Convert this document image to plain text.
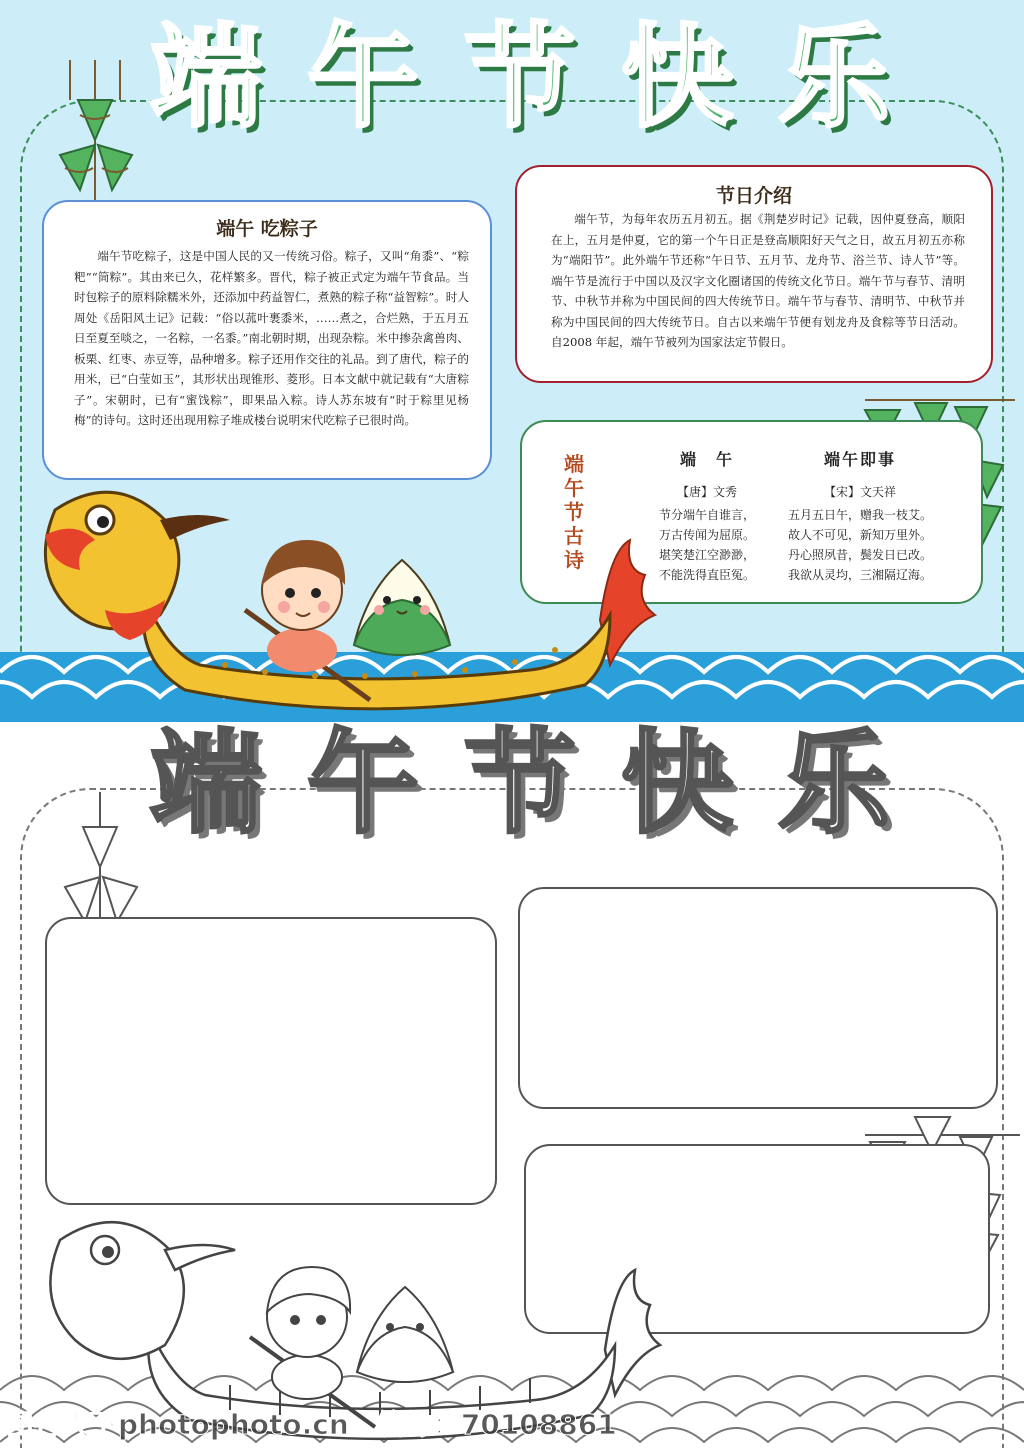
端 午 节 快 乐
端午 吃粽子
端午节吃粽子，这是中国人民的又一传统习俗。粽子，又叫“角黍”、“粽粑”“筒粽”。其由来已久，花样繁多。晋代，粽子被正式定为端午节食品。当时包粽子的原料除糯米外，还添加中药益智仁，煮熟的粽子称“益智粽”。时人周处《岳阳风土记》记载：“俗以菰叶裹黍米，……煮之，合烂熟，于五月五日至夏至啖之，一名粽，一名黍。”南北朝时期，出现杂粽。米中掺杂禽兽肉、板栗、红枣、赤豆等，品种增多。粽子还用作交往的礼品。到了唐代，粽子的用米，已“白莹如玉”，其形状出现锥形、菱形。日本文献中就记载有“大唐粽子”。宋朝时，已有“蜜饯粽”，即果品入粽。诗人苏东坡有“时于粽里见杨梅”的诗句。这时还出现用粽子堆成楼台说明宋代吃粽子已很时尚。
节日介绍
端午节，为每年农历五月初五。据《荆楚岁时记》记载，因仲夏登高，顺阳在上，五月是仲夏，它的第一个午日正是登高顺阳好天气之日，故五月初五亦称为“端阳节”。此外端午节还称“午日节、五月节、龙舟节、浴兰节、诗人节”等。端午节是流行于中国以及汉字文化圈诸国的传统文化节日。端午节与春节、清明节、中秋节并称为中国民间的四大传统节日。端午节与春节、清明节、中秋节并称为中国民间的四大传统节日。自古以来端午节便有划龙舟及食粽等节日活动。自2008 年起，端午节被列为国家法定节假日。
端
午
节
古
诗
端　午
【唐】文秀
节分端午自谁言，
万古传闻为屈原。
堪笑楚江空渺渺，
不能洗得直臣冤。
端午即事
【宋】文天祥
五月五日午，赠我一枝艾。
故人不可见，新知万里外。
丹心照夙昔，鬓发日已改。
我欲从灵均，三湘隔辽海。
端 午 节 快 乐
图行天下photophoto.cn　编号：70108861
